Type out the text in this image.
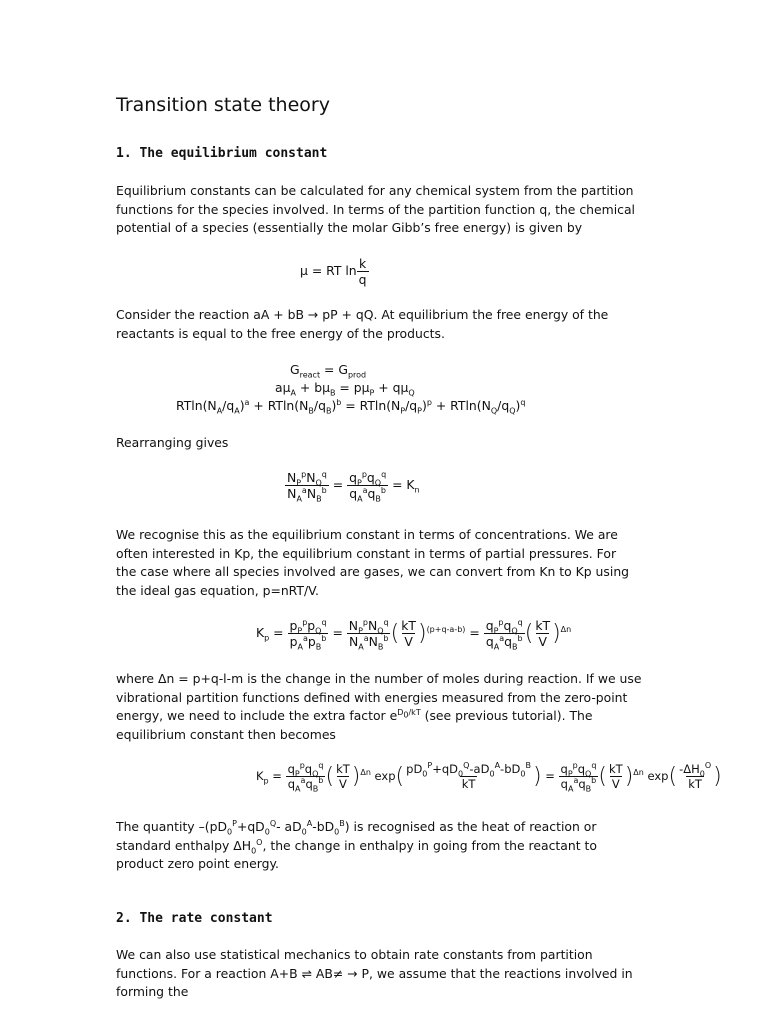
Transition state theory
1. The equilibrium constant
Equilibrium constants can be calculated for any chemical system from the partition functions for the species involved. In terms of the partition function q, the chemical potential of a species (essentially the molar Gibb’s free energy) is given by
μ = RT $\ln \frac{k}{q}$
Consider the reaction aA + bB → pP + qQ. At equilibrium the free energy of the reactants is equal to the free energy of the products.
$G_{react} = G_{prod}$
$a\mu_A + b\mu_B = p\mu_P + q\mu_Q$
$RTln(N_A/q_A)^a + RTln(N_B/q_B)^b = RTln(N_P/q_P)^p + RTln(N_Q/q_Q)^q$
Rearranging gives
$\frac{N_P^pN_Q^q}{N_A^aN_B^b} = \frac{q_P^pq_Q^q}{q_A^aq_B^b} = K_n$
We recognise this as the equilibrium constant in terms of concentrations. We are often interested in Kp, the equilibrium constant in terms of partial pressures. For the case where all species involved are gases, we can convert from Kn to Kp using the ideal gas equation, p=nRT/V.
$K_p = \frac{p_P^pp_Q^q}{p_A^ap_B^b} = \frac{N_P^pN_Q^q}{N_A^aN_B^b}$ ( $\frac{kT}{V} )^{(p+q-a-b)} = \frac{q_P^pq_Q^q}{q_A^aq_B^b}$ ( $\frac{kT}{V} )^{\Delta n}$
where Δn = p+q-l-m is the change in the number of moles during reaction. If we use vibrational partition functions defined with energies measured from the zero-point energy, we need to include the extra factor $e^{D_0/kT}$ (see previous tutorial). The equilibrium constant then becomes
$K_p = \frac{q_P^pq_Q^q}{q_A^aq_B^b}$ ( $\frac{kT}{V} )^{\Delta n}$ $\exp( \frac{pD_0^P+qD_0^Q-aD_0^A-bD_0^B}{kT}$ ) = $\frac{q_P^pq_Q^q}{q_A^aq_B^b}$ ( $\frac{kT}{V} )^{\Delta n}$ $\exp( \frac{-\Delta H_0^O}{kT}$ )
The quantity $-(pD_0^P+qD_0^Q-$ $aD_0^A-bD_0^B$) is recognised as the heat of reaction or standard enthalpy $\Delta H_0^O$, the change in enthalpy in going from the reactant to product zero point energy.
2. The rate constant
We can also use statistical mechanics to obtain rate constants from partition functions. For a reaction A+B ⇌ AB≠ → P, we assume that the reactions involved in forming the
